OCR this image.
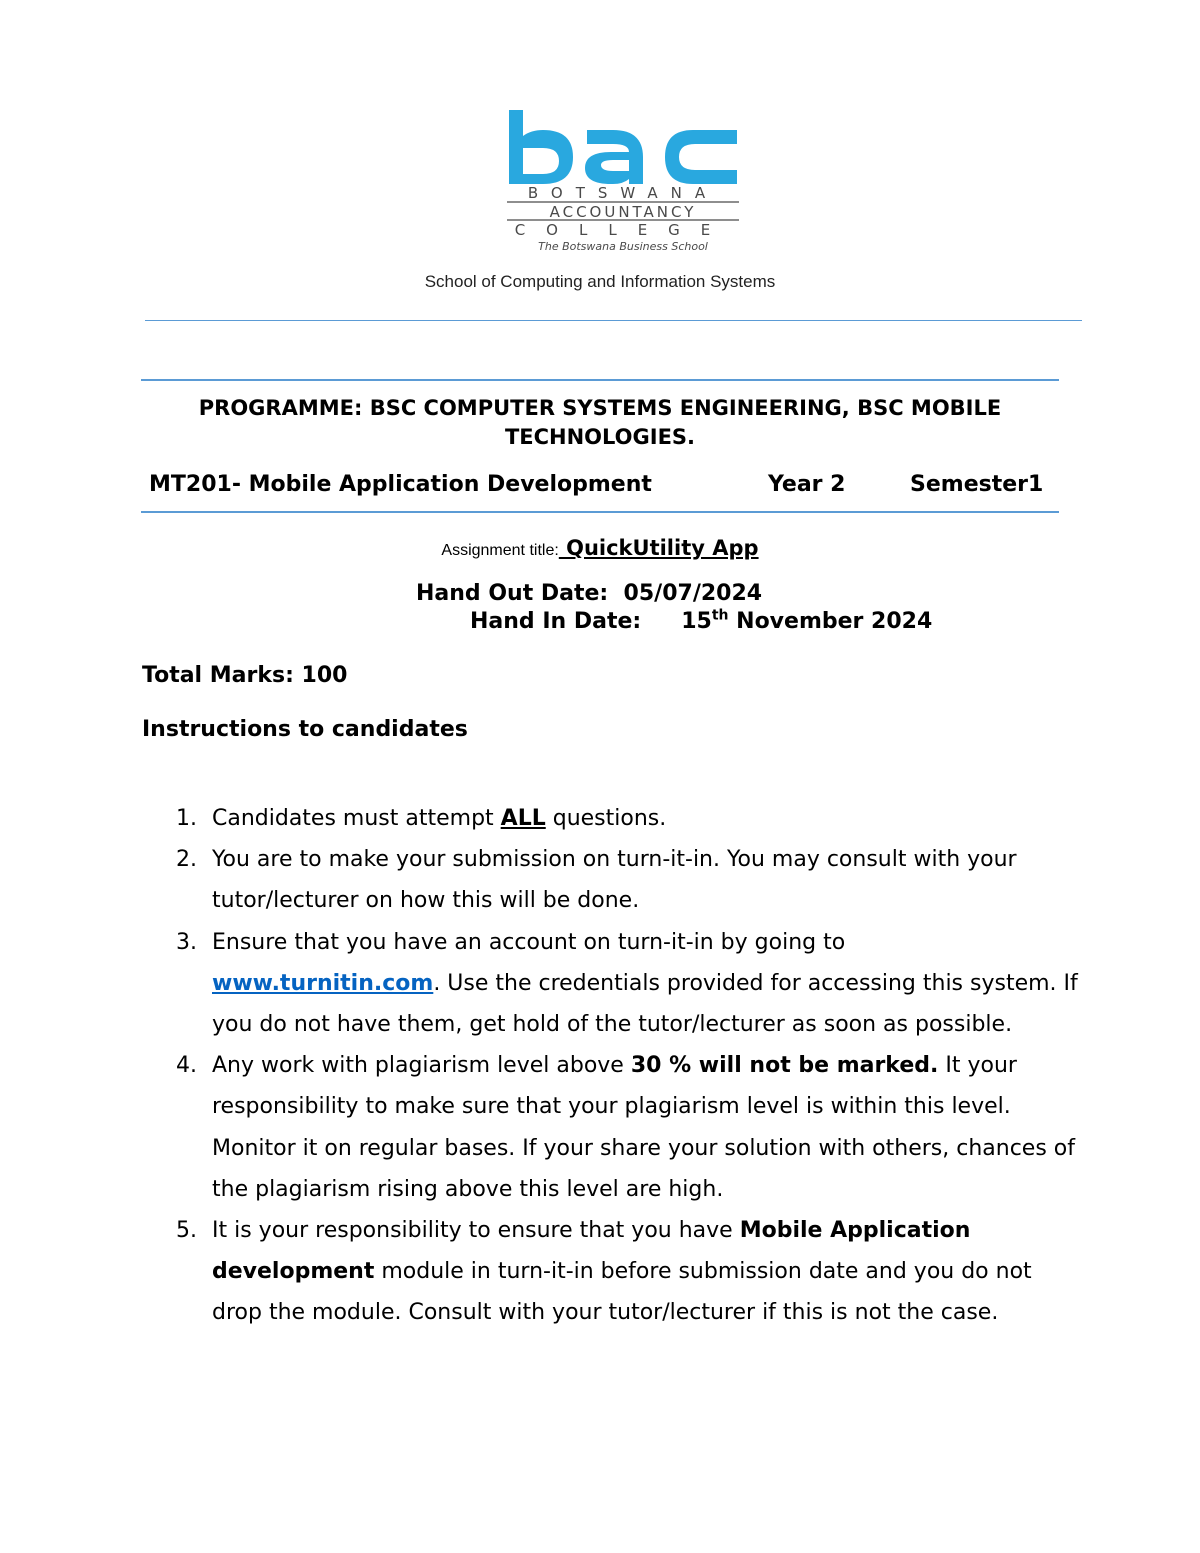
BOTSWANA
ACCOUNTANCY
COLLEGE
The Botswana Business School
School of Computing and Information Systems
PROGRAMME: BSC COMPUTER SYSTEMS ENGINEERING, BSC MOBILE TECHNOLOGIES.
MT201- Mobile Application Development	Year 2	Semester1
Assignment title: QuickUtility App
Hand Out Date: 05/07/2024
Hand In Date: 15th November 2024
Total Marks: 100
Instructions to candidates
1. Candidates must attempt ALL questions.
2. You are to make your submission on turn-it-in. You may consult with your tutor/lecturer on how this will be done.
3. Ensure that you have an account on turn-it-in by going to www.turnitin.com. Use the credentials provided for accessing this system. If you do not have them, get hold of the tutor/lecturer as soon as possible.
4. Any work with plagiarism level above 30 % will not be marked. It your responsibility to make sure that your plagiarism level is within this level. Monitor it on regular bases. If your share your solution with others, chances of the plagiarism rising above this level are high.
5. It is your responsibility to ensure that you have Mobile Application development module in turn-it-in before submission date and you do not drop the module. Consult with your tutor/lecturer if this is not the case.
